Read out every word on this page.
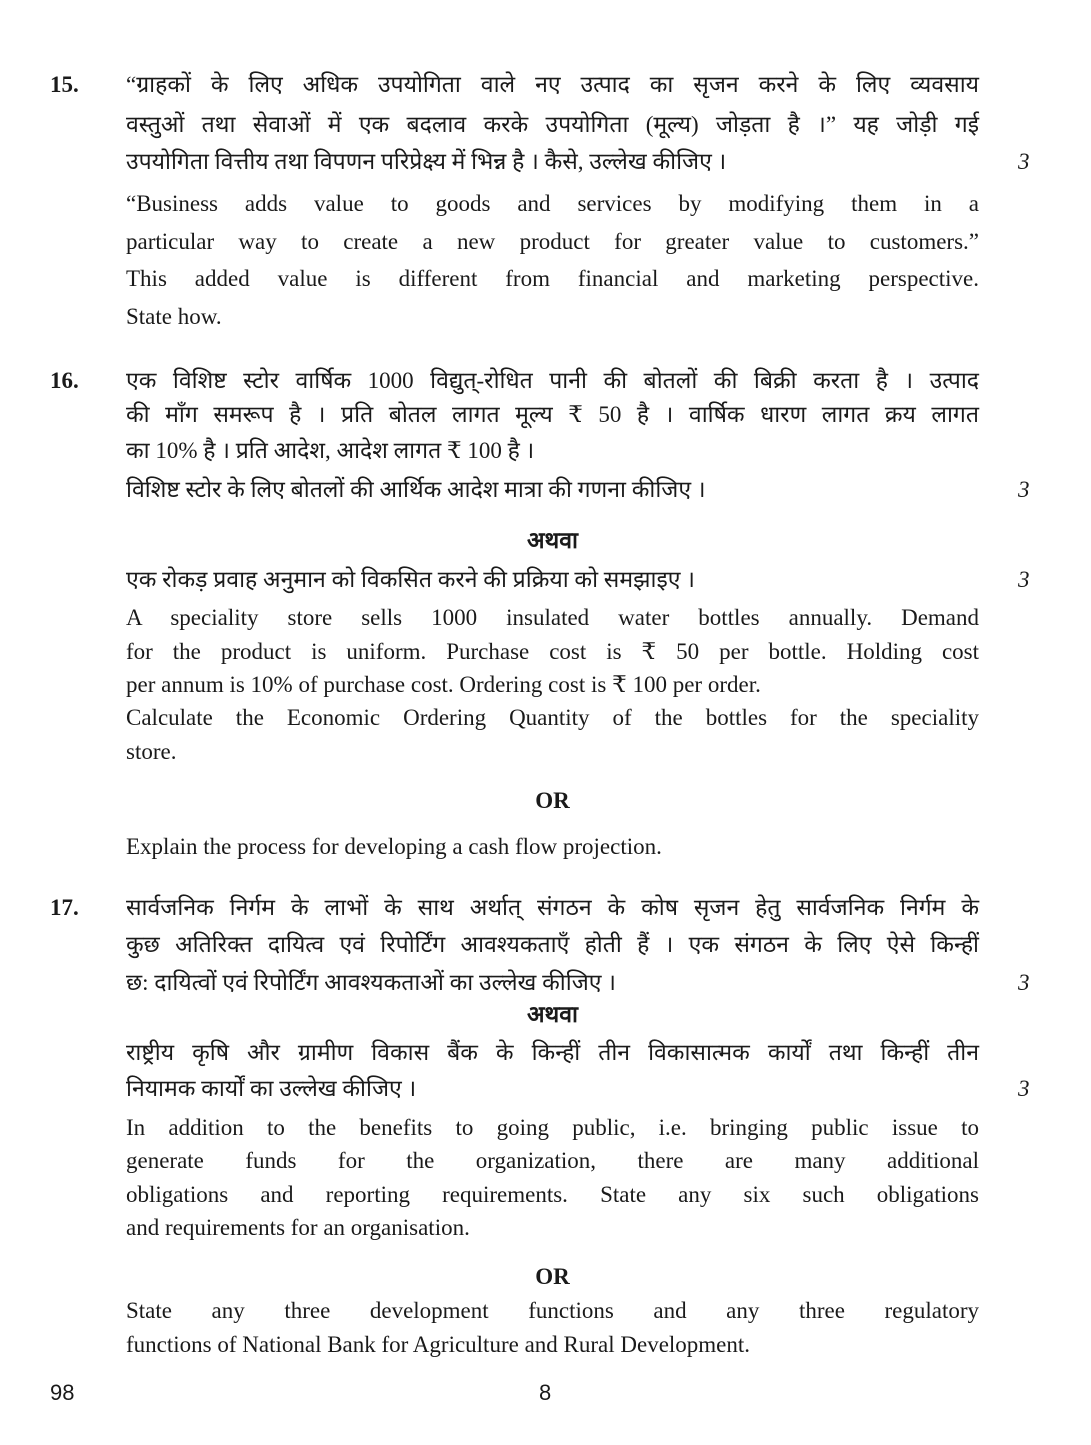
15. “ग्राहकों के लिए अधिक उपयोगिता वाले नए उत्पाद का सृजन करने के लिए व्यवसाय
वस्तुओं तथा सेवाओं में एक बदलाव करके उपयोगिता (मूल्य) जोड़ता है ।” यह जोड़ी गई
उपयोगिता वित्तीय तथा विपणन परिप्रेक्ष्य में भिन्न है । कैसे, उल्लेख कीजिए ।	3
“Business adds value to goods and services by modifying them in a
particular way to create a new product for greater value to customers.”
This added value is different from financial and marketing perspective.
State how.
16. एक विशिष्ट स्टोर वार्षिक 1000 विद्युत्-रोधित पानी की बोतलों की बिक्री करता है । उत्पाद
की माँग समरूप है । प्रति बोतल लागत मूल्य ₹ 50 है । वार्षिक धारण लागत क्रय लागत
का 10% है । प्रति आदेश, आदेश लागत ₹ 100 है ।
विशिष्ट स्टोर के लिए बोतलों की आर्थिक आदेश मात्रा की गणना कीजिए ।	3
अथवा
एक रोकड़ प्रवाह अनुमान को विकसित करने की प्रक्रिया को समझाइए ।	3
A speciality store sells 1000 insulated water bottles annually. Demand
for the product is uniform. Purchase cost is ₹ 50 per bottle. Holding cost
per annum is 10% of purchase cost. Ordering cost is ₹ 100 per order.
Calculate the Economic Ordering Quantity of the bottles for the speciality
store.
OR
Explain the process for developing a cash flow projection.
17. सार्वजनिक निर्गम के लाभों के साथ अर्थात् संगठन के कोष सृजन हेतु सार्वजनिक निर्गम के
कुछ अतिरिक्त दायित्व एवं रिपोर्टिंग आवश्यकताएँ होती हैं । एक संगठन के लिए ऐसे किन्हीं
छ: दायित्वों एवं रिपोर्टिंग आवश्यकताओं का उल्लेख कीजिए ।	3
अथवा
राष्ट्रीय कृषि और ग्रामीण विकास बैंक के किन्हीं तीन विकासात्मक कार्यों तथा किन्हीं तीन
नियामक कार्यों का उल्लेख कीजिए ।	3
In addition to the benefits to going public, i.e. bringing public issue to
generate funds for the organization, there are many additional
obligations and reporting requirements. State any six such obligations
and requirements for an organisation.
OR
State any three development functions and any three regulatory
functions of National Bank for Agriculture and Rural Development.
98	8
